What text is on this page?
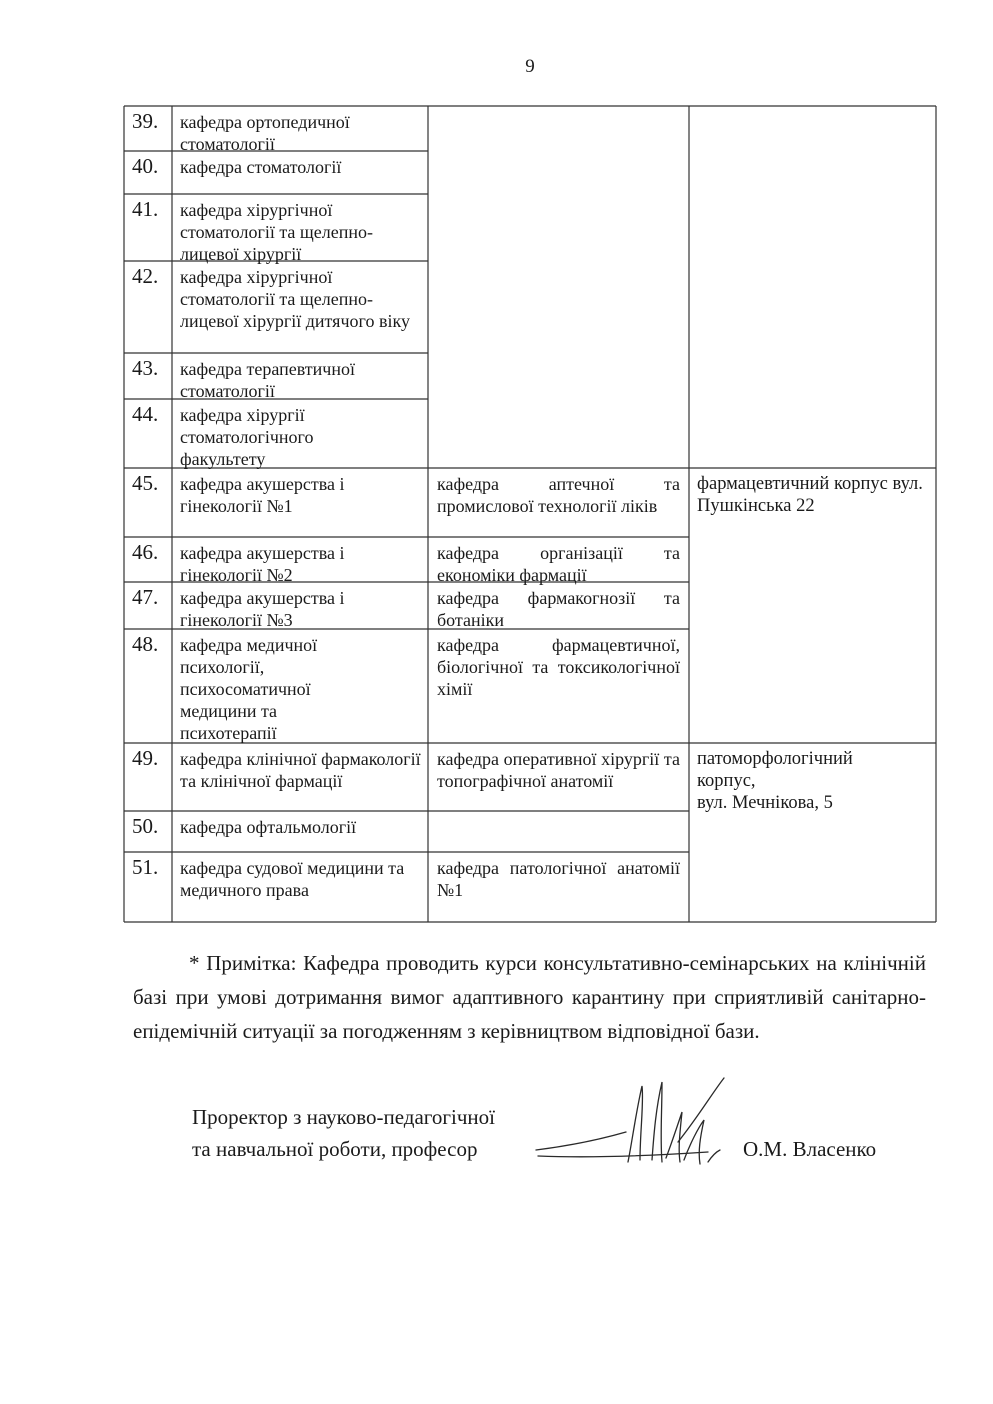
9
39.
40.
41.
42.
43.
44.
45.
46.
47.
48.
49.
50.
51.
кафедра ортопедичної стоматології
кафедра стоматології
кафедра хірургічної стоматології та щелепно-лицевої хірургії
кафедра хірургічної стоматології та щелепно-лицевої хірургії дитячого віку
кафедра терапевтичної стоматології
кафедра хірургії стоматологічного факультету
кафедра акушерства і гінекології №1
кафедра акушерства і гінекології №2
кафедра акушерства і гінекології №3
кафедра медичної психології, психосоматичної медицини та психотерапії
кафедра клінічної фармакології та клінічної фармації
кафедра офтальмології
кафедра судової медицини та медичного права
кафедра аптечної та промислової технології ліків
кафедра організації та економіки фармації
кафедра фармакогнозії та ботаніки
кафедра фармацевтичної, біологічної та токсикологічної хімії
кафедра оперативної хірургії та топографічної анатомії
кафедра патологічної анатомії №1
фармацевтичний корпус вул. Пушкінська 22
патоморфологічний
корпус,
вул. Мечнікова, 5
* Примітка: Кафедра проводить курси консультативно-семінарських на клінічній базі при умові дотримання вимог адаптивного карантину при сприятливій санітарно-епідемічній ситуації за погодженням з керівництвом відповідної бази.
Проректор з науково-педагогічної
та навчальної роботи, професор	О.М. Власенко
